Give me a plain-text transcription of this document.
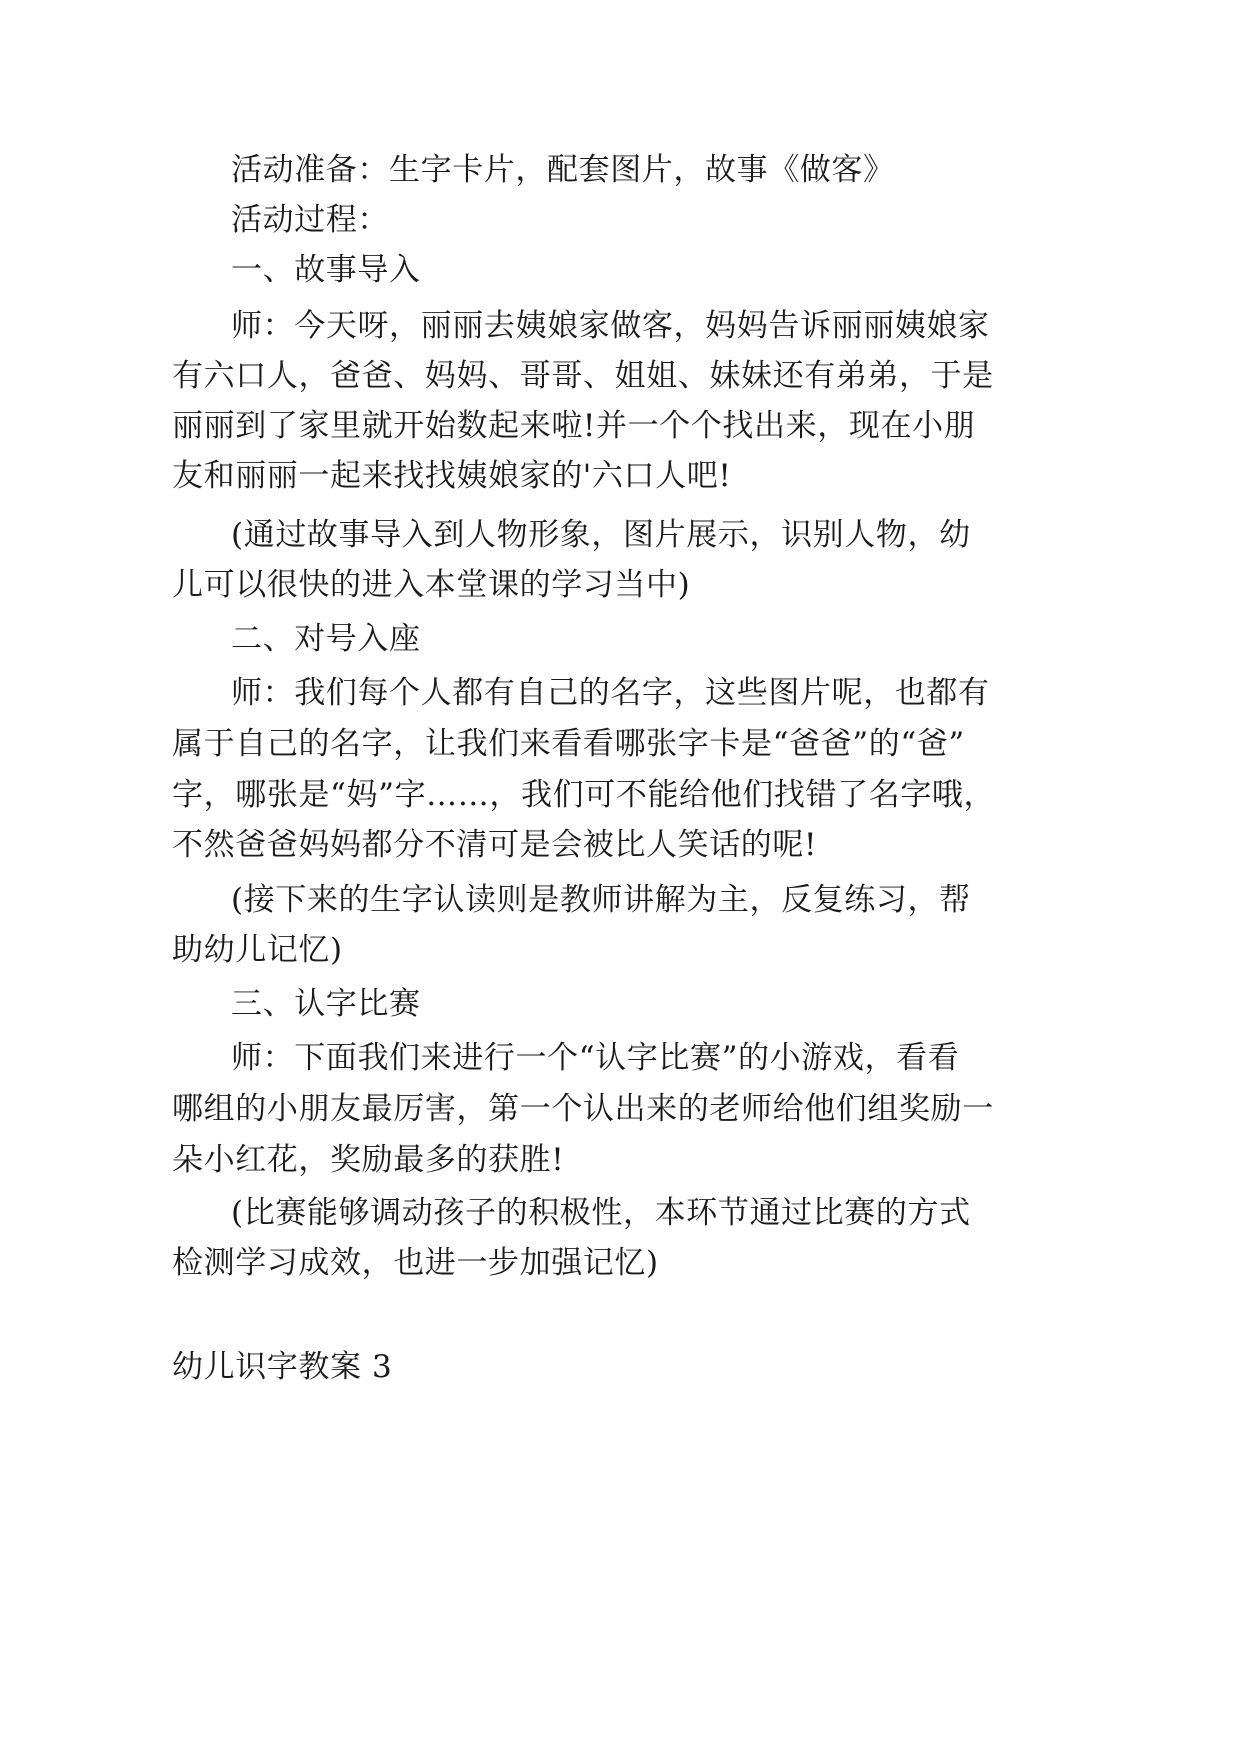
活动准备：生字卡片，配套图片，故事《做客》
活动过程：
一、故事导入
师 ： 今 天 呀 ， 丽 丽 去 姨 娘 家 做 客 ， 妈 妈 告 诉 丽 丽 姨 娘 家
有 六 口 人 ， 爸 爸 、 妈 妈 、 哥 哥 、 姐 姐 、 妹 妹 还 有 弟 弟 ， 于 是
丽 丽 到 了 家 里 就 开 始 数 起 来 啦 ! 并 一 个 个 找 出 来 ， 现 在 小 朋
友和丽丽一起来找找姨娘家的'六口人吧!
( 通 过 故 事 导 入 到 人 物 形 象 ， 图 片 展 示 ， 识 别 人 物 ， 幼
儿可以很快的进入本堂课的学习当中)
二、对号入座
师 ： 我 们 每 个 人 都 有 自 己 的 名 字 ， 这 些 图 片 呢 ， 也 都 有
属 于 自 己 的 名 字 ， 让 我 们 来 看 看 哪 张 字 卡 是 “ 爸 爸 ” 的 “ 爸 ”
字 ， 哪 张 是 “ 妈 ” 字 … … ， 我 们 可 不 能 给 他 们 找 错 了 名 字 哦 ，
不然爸爸妈妈都分不清可是会被比人笑话的呢!
( 接 下 来 的 生 字 认 读 则 是 教 师 讲 解 为 主 ， 反 复 练 习 ， 帮
助幼儿记忆)
三、认字比赛
师 ： 下 面 我 们 来 进 行 一 个 “ 认 字 比 赛 ” 的 小 游 戏 ， 看 看
哪 组 的 小 朋 友 最 厉 害 ， 第 一 个 认 出 来 的 老 师 给 他 们 组 奖 励 一
朵小红花，奖励最多的获胜!
( 比 赛 能 够 调 动 孩 子 的 积 极 性 ， 本 环 节 通 过 比 赛 的 方 式
检测学习成效，也进一步加强记忆)
幼儿识字教案 3
